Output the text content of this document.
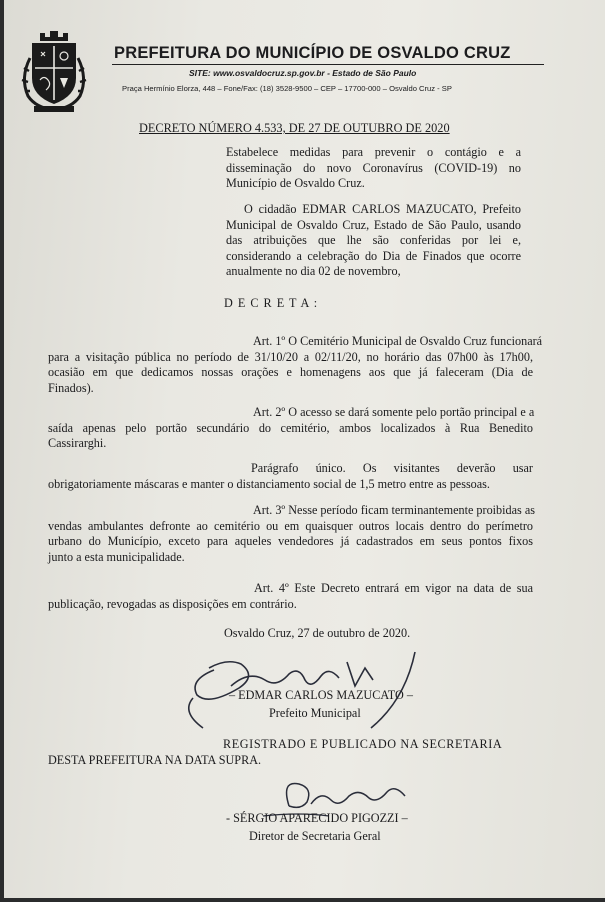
PREFEITURA DO MUNICÍPIO DE OSVALDO CRUZ
SITE: www.osvaldocruz.sp.gov.br - Estado de São Paulo
Praça Hermínio Elorza, 448 – Fone/Fax: (18) 3528-9500 – CEP – 17700-000 – Osvaldo Cruz - SP
DECRETO NÚMERO 4.533, DE 27 DE OUTUBRO DE 2020
Estabelece medidas para prevenir o contágio e a
disseminação do novo Coronavírus (COVID-19) no
Município de Osvaldo Cruz.
O cidadão EDMAR CARLOS MAZUCATO, Prefeito
Municipal de Osvaldo Cruz, Estado de São Paulo, usando
das atribuições que lhe são conferidas por lei e,
considerando a celebração do Dia de Finados que ocorre
anualmente no dia 02 de novembro,
D E C R E T A :
Art. 1º O Cemitério Municipal de Osvaldo Cruz funcionará
para a visitação pública no período de 31/10/20 a 02/11/20, no horário das 07h00 às 17h00,
ocasião em que dedicamos nossas orações e homenagens aos que já faleceram (Dia de
Finados).
Art. 2º O acesso se dará somente pelo portão principal e a
saída apenas pelo portão secundário do cemitério, ambos localizados à Rua Benedito
Cassirarghi.
Parágrafo único. Os visitantes deverão usar
obrigatoriamente máscaras e manter o distanciamento social de 1,5 metro entre as pessoas.
Art. 3º Nesse período ficam terminantemente proibidas as
vendas ambulantes defronte ao cemitério ou em quaisquer outros locais dentro do perímetro
urbano do Município, exceto para aqueles vendedores já cadastrados em seus pontos fixos
junto a esta municipalidade.
Art. 4º Este Decreto entrará em vigor na data de sua
publicação, revogadas as disposições em contrário.
Osvaldo Cruz, 27 de outubro de 2020.
– EDMAR CARLOS MAZUCATO –
Prefeito Municipal
REGISTRADO E PUBLICADO NA SECRETARIA
DESTA PREFEITURA NA DATA SUPRA.
- SÉRGIO APARECIDO PIGOZZI –
Diretor de Secretaria Geral
